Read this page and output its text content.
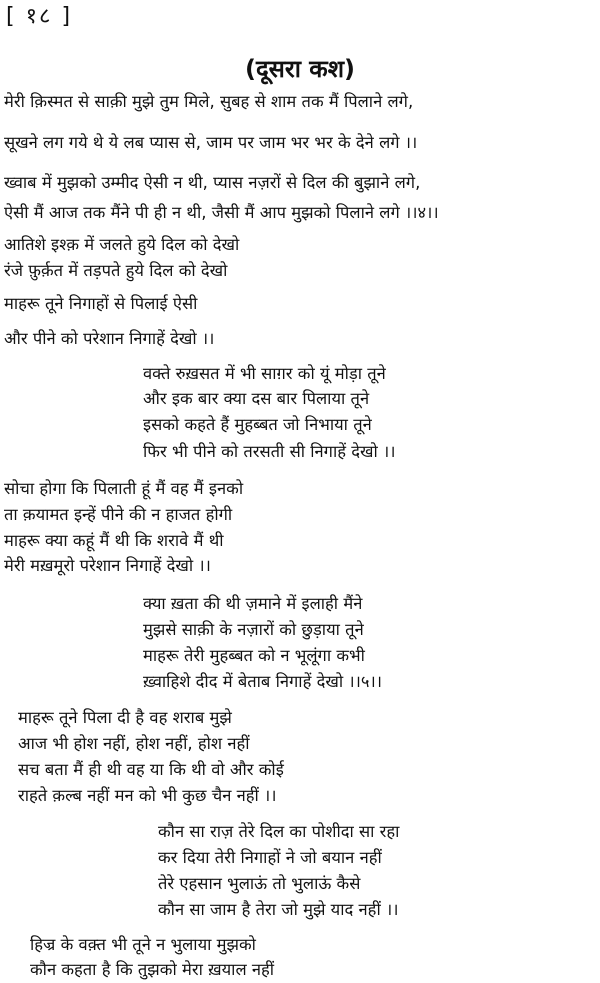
[ १८ ]
(दूसरा कश)
मेरी क़िस्मत से साक़ी मुझे तुम मिले, सुबह से शाम तक मैं पिलाने लगे,
सूखने लग गये थे ये लब प्यास से, जाम पर जाम भर भर के देने लगे ।।
ख्वाब में मुझको उम्मीद ऐसी न थी, प्यास नज़रों से दिल की बुझाने लगे,
ऐसी मैं आज तक मैंने पी ही न थी, जैसी मैं आप मुझको पिलाने लगे ।।४।।
आतिशे इश्क़ में जलते हुये दिल को देखो
रंजे फ़ुर्क़त में तड़पते हुये दिल को देखो
माहरू तूने निगाहों से पिलाई ऐसी
और पीने को परेशान निगाहें देखो ।।
वक्ते रुख़सत में भी साग़र को यूं मोड़ा तूने
और इक बार क्या दस बार पिलाया तूने
इसको कहते हैं मुहब्बत जो निभाया तूने
फिर भी पीने को तरसती सी निगाहें देखो ।।
सोचा होगा कि पिलाती हूं मैं वह मैं इनको
ता क़यामत इन्हें पीने की न हाजत होगी
माहरू क्या कहूं मैं थी कि शरावे मैं थी
मेरी मख़मूरो परेशान निगाहें देखो ।।
क्या ख़ता की थी ज़माने में इलाही मैंने
मुझसे साक़ी के नज़ारों को छुड़ाया तूने
माहरू तेरी मुहब्बत को न भूलूंगा कभी
ख़्वाहिशे दीद में बेताब निगाहें देखो ।।५।।
माहरू तूने पिला दी है वह शराब मुझे
आज भी होश नहीं, होश नहीं, होश नहीं
सच बता मैं ही थी वह या कि थी वो और कोई
राहते क़ल्ब नहीं मन को भी कुछ चैन नहीं ।।
कौन सा राज़ तेरे दिल का पोशीदा सा रहा
कर दिया तेरी निगाहों ने जो बयान नहीं
तेरे एहसान भुलाऊं तो भुलाऊं कैसे
कौन सा जाम है तेरा जो मुझे याद नहीं ।।
हिज्र के वक़्त भी तूने न भुलाया मुझको
कौन कहता है कि तुझको मेरा ख़याल नहीं
